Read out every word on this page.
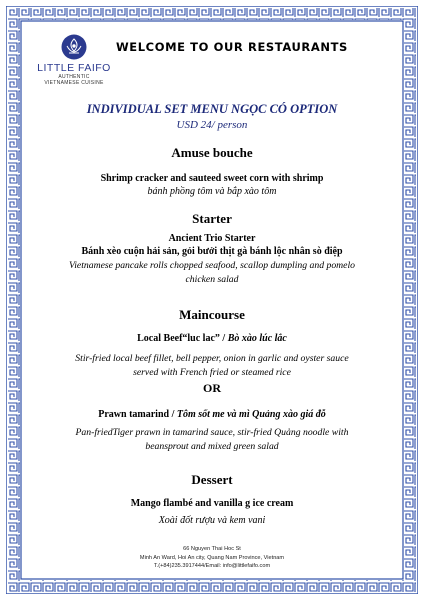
LITTLE FAIFO
AUTHENTIC
VIETNAMESE CUISINE
WELCOME TO OUR RESTAURANTS

INDIVIDUAL SET MENU NGỌC CÓ OPTION

USD 24/ person

Amuse bouche

Shrimp cracker and sauteed sweet corn with shrimp

bánh phồng tôm và bắp xào tôm

Starter

Ancient Trio Starter

Bánh xèo cuộn hải sản, gỏi bưởi thịt gà bánh lộc nhân sò điệp

Vietnamese pancake rolls chopped seafood, scallop dumpling and pomelo

chicken salad

Maincourse

Local Beef“luc lac” / Bò xào lúc lắc

Stir-fried local beef fillet, bell pepper, onion in garlic and oyster sauce

served with French fried or steamed rice

OR

Prawn tamarind / Tôm sốt me và mì Quảng xào giá đỗ

Pan-friedTiger prawn in tamarind sauce, stir-fried Quảng noodle with

beansprout and mixed green salad

Dessert

Mango flambé and vanilla g ice cream

Xoài đốt rượu và kem vani

66 Nguyen Thai Hoc St
Minh An Ward, Hoi An city, Quang Nam Province, Vietnam
T.(+84)235.3917444/Email: info@littlefaifo.com
